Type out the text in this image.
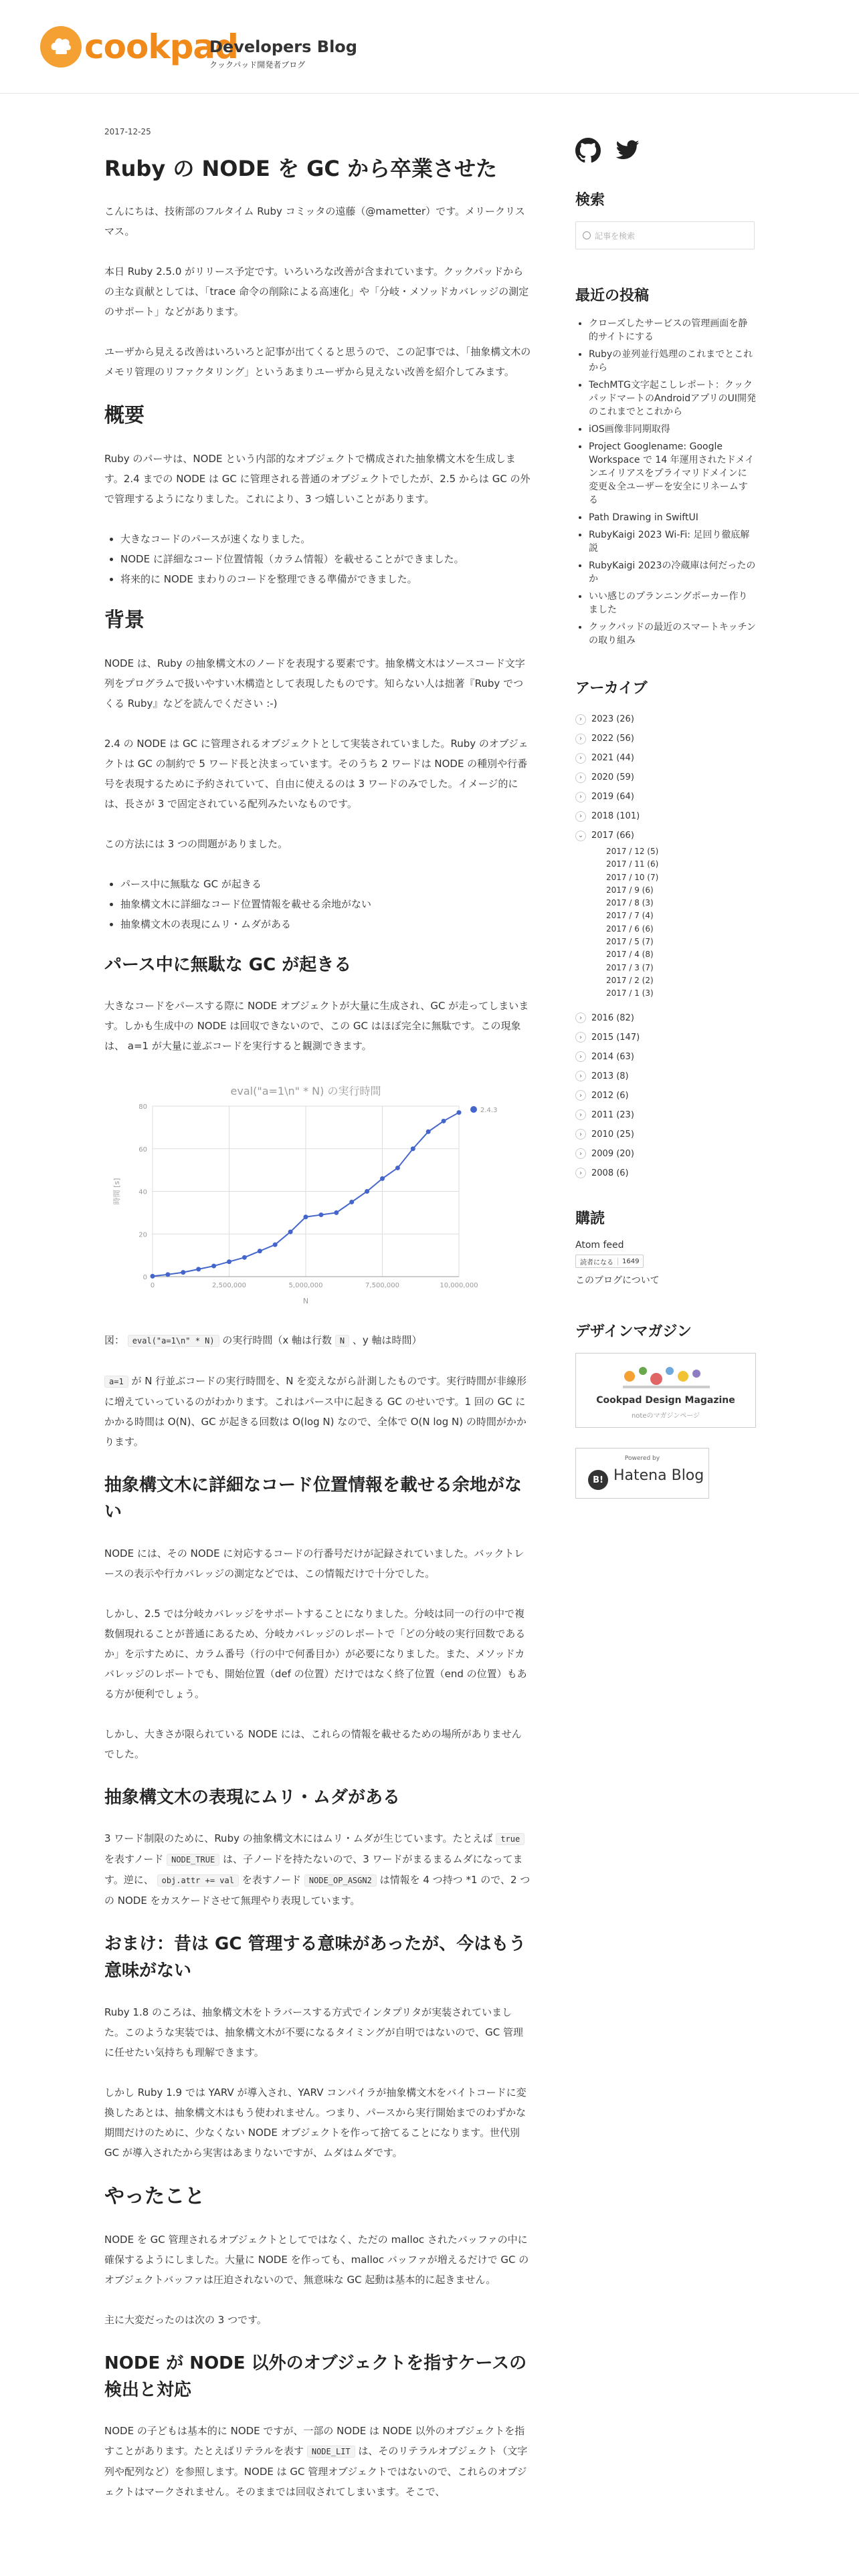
cookpad
Developers Blog
クックパッド開発者ブログ
2017-12-25
Ruby の NODE を GC から卒業させた

こんにちは、技術部のフルタイム Ruby コミッタの遠藤（@mametter）です。メリークリスマス。

本日 Ruby 2.5.0 がリリース予定です。いろいろな改善が含まれています。クックパッドからの主な貢献としては、「trace 命令の削除による高速化」や「分岐・メソッドカバレッジの測定のサポート」などがあります。

ユーザから見える改善はいろいろと記事が出てくると思うので、この記事では、「抽象構文木のメモリ管理のリファクタリング」というあまりユーザから見えない改善を紹介してみます。

概要

Ruby のパーサは、NODE という内部的なオブジェクトで構成された抽象構文木を生成します。2.4 までの NODE は GC に管理される普通のオブジェクトでしたが、2.5 からは GC の外で管理するようになりました。これにより、3 つ嬉しいことがあります。

• 大きなコードのパースが速くなりました。
• NODE に詳細なコード位置情報（カラム情報）を載せることができました。
• 将来的に NODE まわりのコードを整理できる準備ができました。
背景

NODE は、Ruby の抽象構文木のノードを表現する要素です。抽象構文木はソースコード文字列をプログラムで扱いやすい木構造として表現したものです。知らない人は拙著『Ruby でつくる Ruby』などを読んでください :-)

2.4 の NODE は GC に管理されるオブジェクトとして実装されていました。Ruby のオブジェクトは GC の制約で 5 ワード長と決まっています。そのうち 2 ワードは NODE の種別や行番号を表現するために予約されていて、自由に使えるのは 3 ワードのみでした。イメージ的には、長さが 3 で固定されている配列みたいなものです。

この方法には 3 つの問題がありました。

• パース中に無駄な GC が起きる
• 抽象構文木に詳細なコード位置情報を載せる余地がない
• 抽象構文木の表現にムリ・ムダがある
パース中に無駄な GC が起きる

大きなコードをパースする際に NODE オブジェクトが大量に生成され、GC が走ってしまいます。しかも生成中の NODE は回収できないので、この GC はほぼ完全に無駄です。この現象は、 a=1 が大量に並ぶコードを実行すると観測できます。

eval("a=1\n" * N) の実行時間
0
20
40
60
80
0	2,500,000	5,000,000	7,500,000	10,000,000
N
時間 [s]
2.4.3

図： eval("a=1\n" * N) の実行時間（x 軸は行数 N 、y 軸は時間）

a=1 が N 行並ぶコードの実行時間を、N を変えながら計測したものです。実行時間が非線形に増えていっているのがわかります。これはパース中に起きる GC のせいです。1 回の GC にかかる時間は O(N)、GC が起きる回数は O(log N) なので、全体で O(N log N) の時間がかかります。

抽象構文木に詳細なコード位置情報を載せる余地がない

NODE には、その NODE に対応するコードの行番号だけが記録されていました。バックトレースの表示や行カバレッジの測定などでは、この情報だけで十分でした。

しかし、2.5 では分岐カバレッジをサポートすることになりました。分岐は同一の行の中で複数個現れることが普通にあるため、分岐カバレッジのレポートで「どの分岐の実行回数であるか」を示すために、カラム番号（行の中で何番目か）が必要になりました。また、メソッドカバレッジのレポートでも、開始位置（def の位置）だけではなく終了位置（end の位置）もある方が便利でしょう。

しかし、大きさが限られている NODE には、これらの情報を載せるための場所がありませんでした。

抽象構文木の表現にムリ・ムダがある

3 ワード制限のために、Ruby の抽象構文木にはムリ・ムダが生じています。たとえば true を表すノード NODE_TRUE は、子ノードを持たないので、3 ワードがまるまるムダになってます。逆に、 obj.attr += val を表すノード NODE_OP_ASGN2 は情報を 4 つ持つ *1 ので、2 つの NODE をカスケードさせて無理やり表現しています。

おまけ：昔は GC 管理する意味があったが、今はもう意味がない

Ruby 1.8 のころは、抽象構文木をトラバースする方式でインタプリタが実装されていました。このような実装では、抽象構文木が不要になるタイミングが自明ではないので、GC 管理に任せたい気持ちも理解できます。

しかし Ruby 1.9 では YARV が導入され、YARV コンパイラが抽象構文木をバイトコードに変換したあとは、抽象構文木はもう使われません。つまり、パースから実行開始までのわずかな期間だけのために、少なくない NODE オブジェクトを作って捨てることになります。世代別 GC が導入されたから実害はあまりないですが、ムダはムダです。

やったこと

NODE を GC 管理されるオブジェクトとしてではなく、ただの malloc されたバッファの中に確保するようにしました。大量に NODE を作っても、malloc バッファが増えるだけで GC のオブジェクトバッファは圧迫されないので、無意味な GC 起動は基本的に起きません。

主に大変だったのは次の 3 つです。

NODE が NODE 以外のオブジェクトを指すケースの検出と対応

NODE の子どもは基本的に NODE ですが、一部の NODE は NODE 以外のオブジェクトを指すことがあります。たとえばリテラルを表す NODE_LIT は、そのリテラルオブジェクト（文字列や配列など）を参照します。NODE は GC 管理オブジェクトではないので、これらのオブジェクトはマークされません。そのままでは回収されてしまいます。そこで、

検索
記事を検索
最近の投稿
• クローズしたサービスの管理画面を静的サイトにする
• Rubyの並列並行処理のこれまでとこれから
• TechMTG文字起こしレポート：クックパッドマートのAndroidアプリのUI開発のこれまでとこれから
• iOS画像非同期取得
• Project Googlename: Google Workspace で 14 年運用されたドメインエイリアスをプライマリドメインに変更＆全ユーザーを安全にリネームする
• Path Drawing in SwiftUI
• RubyKaigi 2023 Wi-Fi: 足回り徹底解説
• RubyKaigi 2023の冷蔵庫は何だったのか
• いい感じのプランニングポーカー作りました
• クックパッドの最近のスマートキッチンの取り組み
アーカイブ
›	2023 (26)
›	2022 (56)
›	2021 (44)
›	2020 (59)
›	2019 (64)
›	2018 (101)
⌄ 2017 (66)
2017 / 12 (5)
2017 / 11 (6)
2017 / 10 (7)
2017 / 9 (6)
2017 / 8 (3)
2017 / 7 (4)
2017 / 6 (6)
2017 / 5 (7)
2017 / 4 (8)
2017 / 3 (7)
2017 / 2 (2)
2017 / 1 (3)
›	2016 (82)
›	2015 (147)
›	2014 (63)
›	2013 (8)
›	2012 (6)
›	2011 (23)
›	2010 (25)
›	2009 (20)
›	2008 (6)
購読
Atom feed
読者になる	1649
このブログについて
デザインマガジン
Cookpad Design Magazine
noteのマガジンページ
Powered by
B! Hatena Blog
